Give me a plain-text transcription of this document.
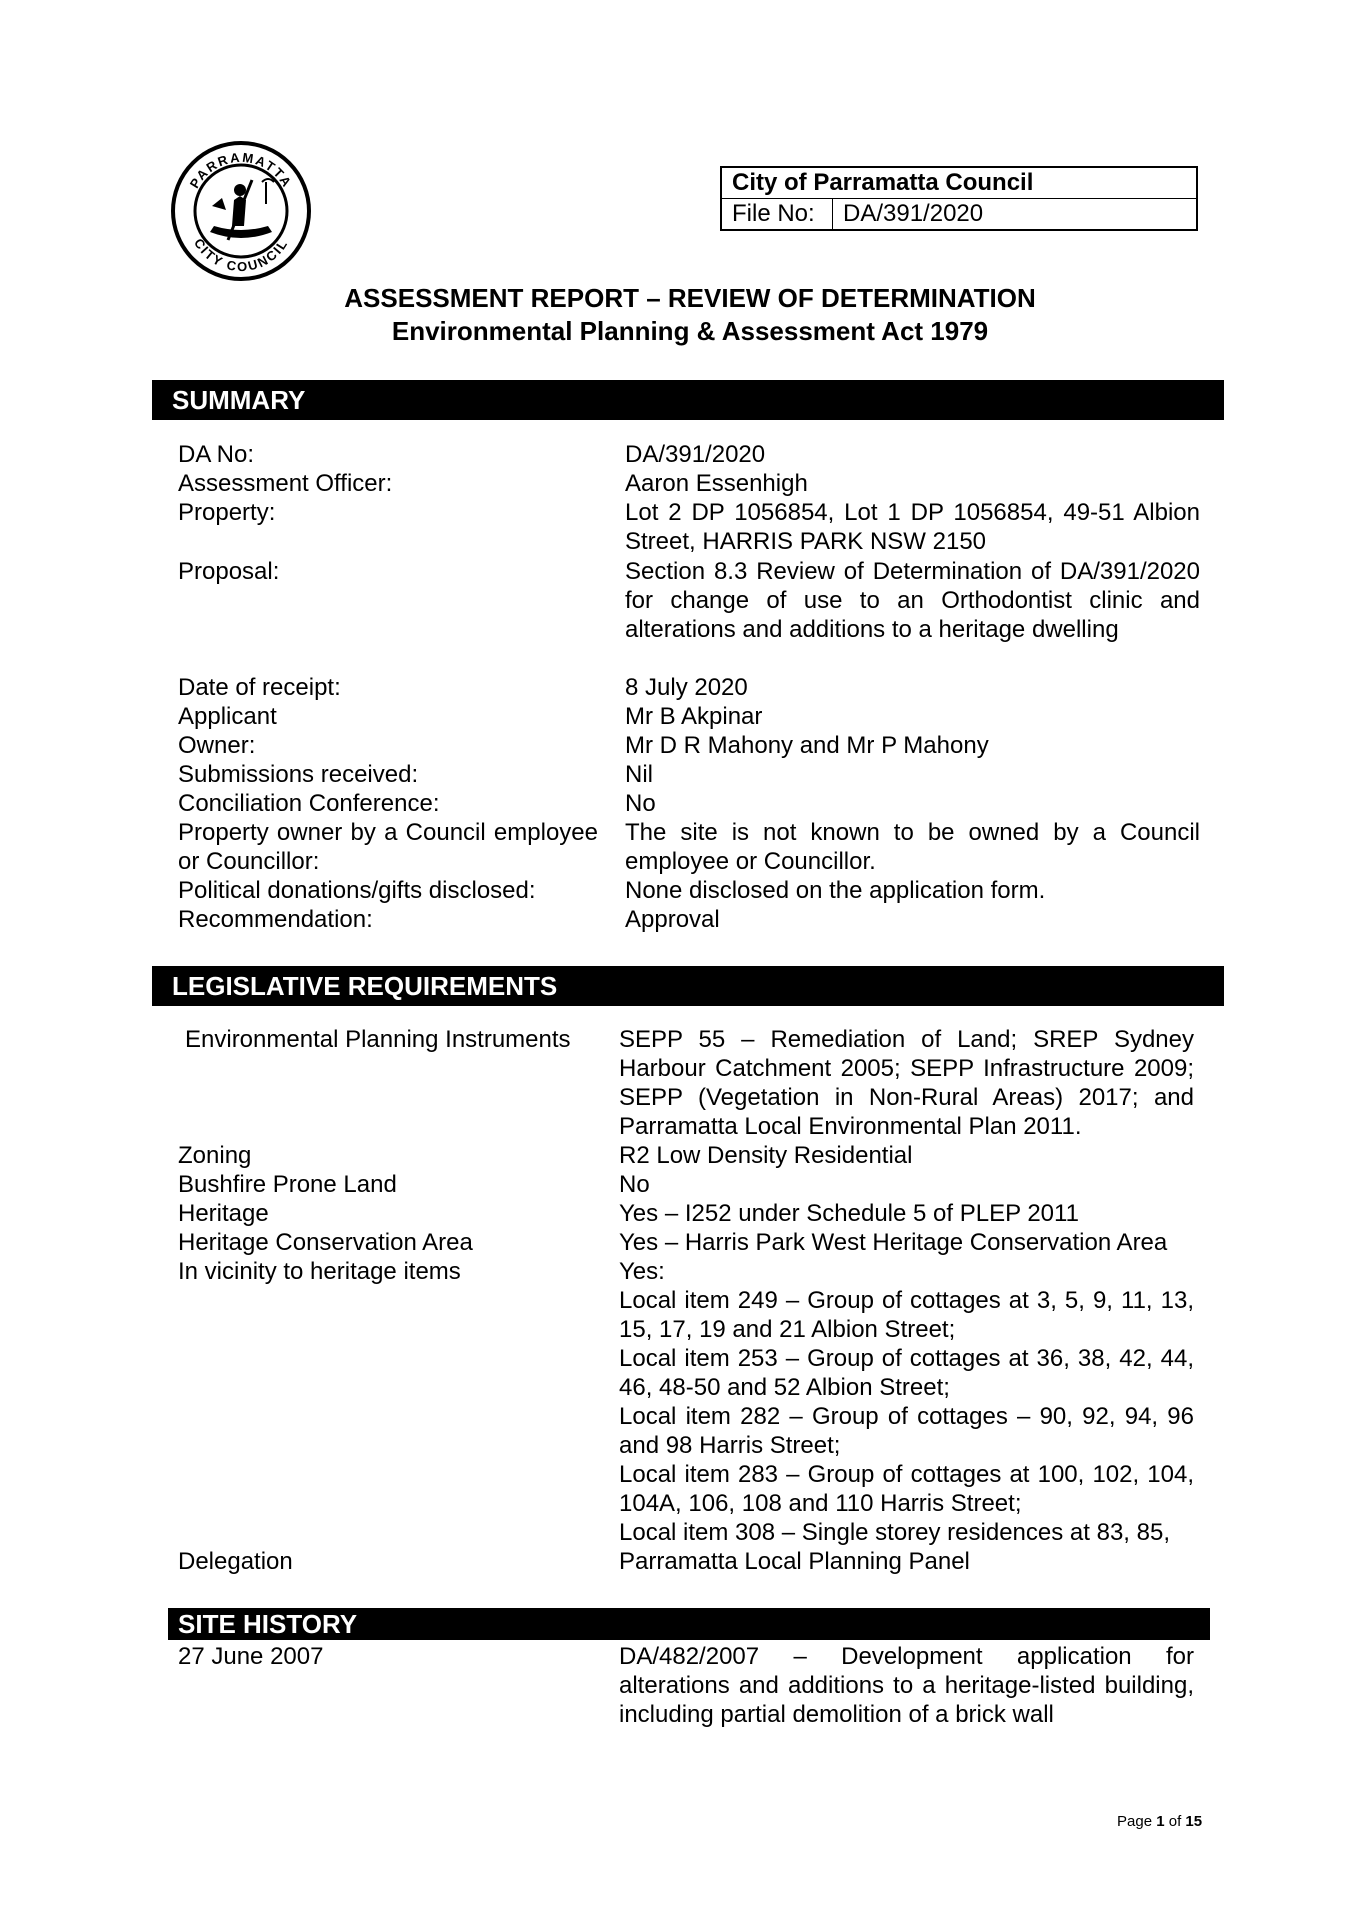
PARRAMATTA
CITY COUNCIL
City of Parramatta Council
File No:	DA/391/2020
ASSESSMENT REPORT – REVIEW OF DETERMINATION
Environmental Planning & Assessment Act 1979
SUMMARY
DA No:	DA/391/2020
Assessment Officer:	Aaron Essenhigh
Property:	Lot 2 DP 1056854, Lot 1 DP 1056854, 49-51 Albion Street, HARRIS PARK NSW 2150
Proposal:	Section 8.3 Review of Determination of DA/391/2020 for change of use to an Orthodontist clinic and alterations and additions to a heritage dwelling
Date of receipt:	8 July 2020
Applicant	Mr B Akpinar
Owner:	Mr D R Mahony and Mr P Mahony
Submissions received:	Nil
Conciliation Conference:	No
Property owner by a Council employee or Councillor:
The site is not known to be owned by a Council employee or Councillor.
Political donations/gifts disclosed:	None disclosed on the application form.
Recommendation:	Approval
LEGISLATIVE REQUIREMENTS
Environmental Planning Instruments	SEPP 55 – Remediation of Land; SREP Sydney Harbour Catchment 2005; SEPP Infrastructure 2009; SEPP (Vegetation in Non-Rural Areas) 2017; and Parramatta Local Environmental Plan 2011.
Zoning	R2 Low Density Residential
Bushfire Prone Land	No
Heritage	Yes – I252 under Schedule 5 of PLEP 2011
Heritage Conservation Area	Yes – Harris Park West Heritage Conservation Area
In vicinity to heritage items	Yes:
Local item 249 – Group of cottages at 3, 5, 9, 11, 13, 15, 17, 19 and 21 Albion Street;
Local item 253 – Group of cottages at 36, 38, 42, 44, 46, 48-50 and 52 Albion Street;
Local item 282 – Group of cottages – 90, 92, 94, 96 and 98 Harris Street;
Local item 283 – Group of cottages at 100, 102, 104, 104A, 106, 108 and 110 Harris Street;
Local item 308 – Single storey residences at 83, 85,
Delegation	Parramatta Local Planning Panel
SITE HISTORY
27 June 2007	DA/482/2007 – Development application for alterations and additions to a heritage-listed building, including partial demolition of a brick wall
Page 1 of 15
